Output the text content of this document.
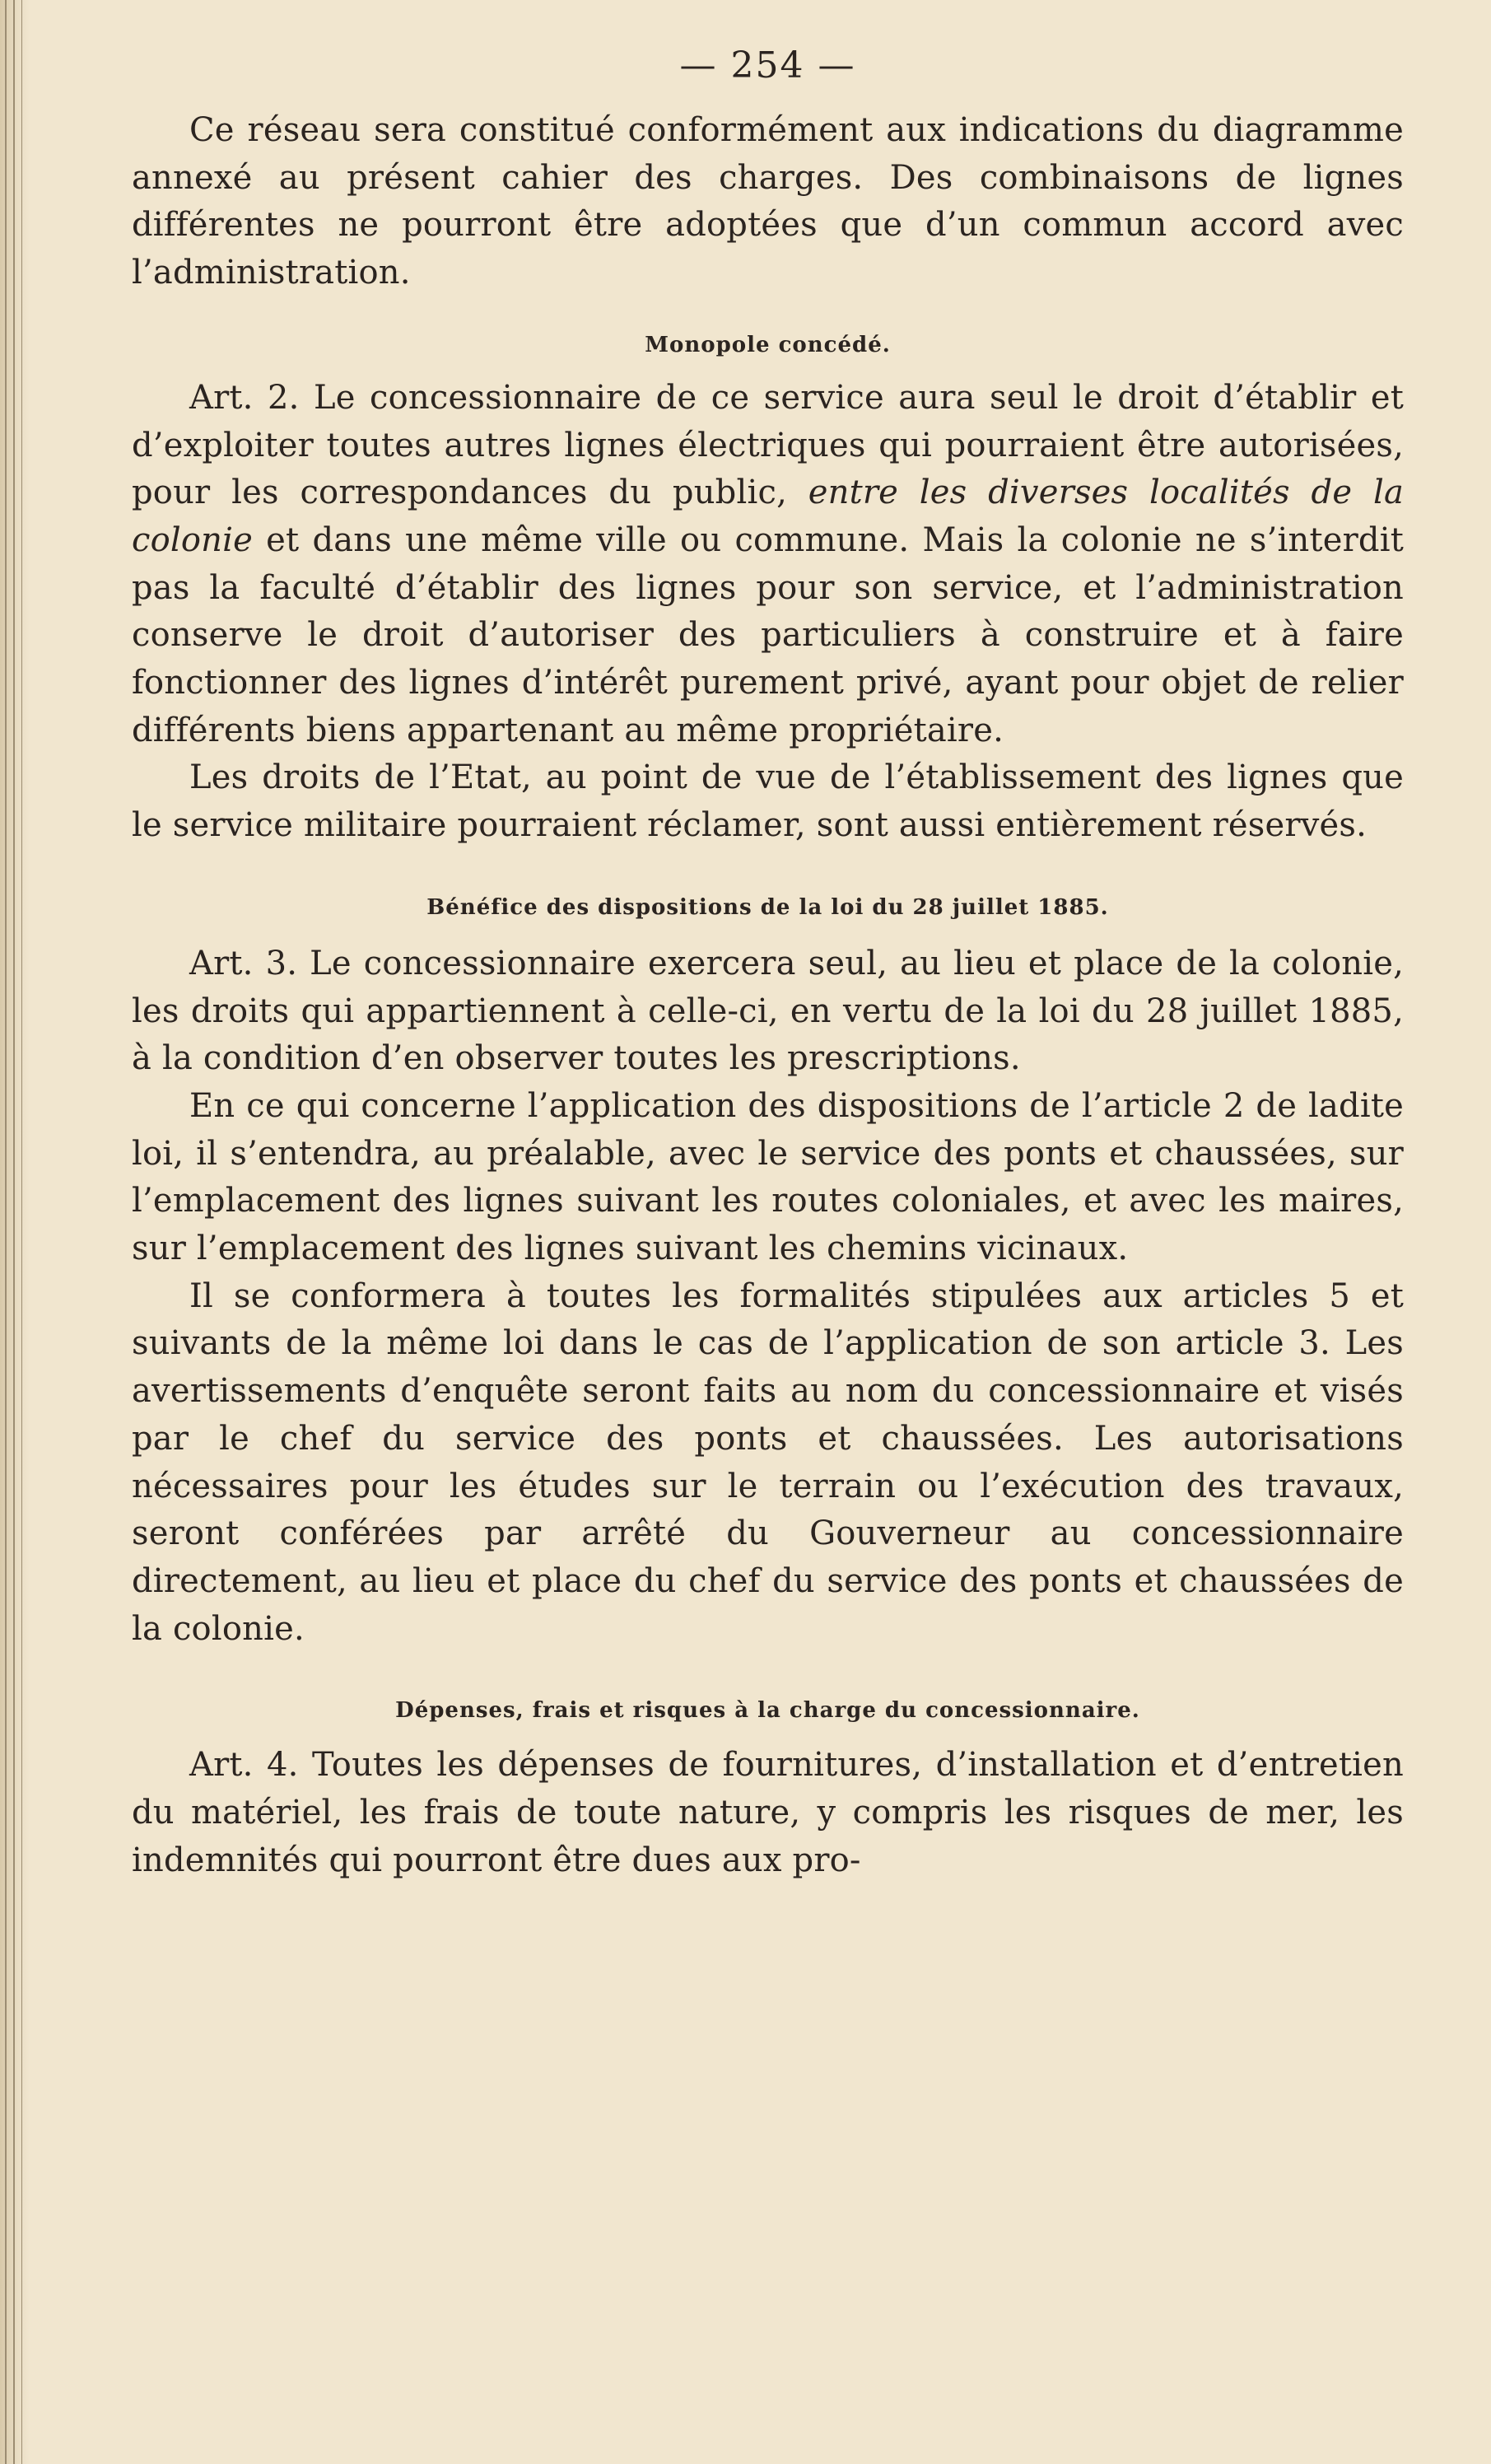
— 254 —

Ce réseau sera constitué conformément aux indications du diagramme annexé au présent cahier des charges. Des combinaisons de lignes différentes ne pourront être adoptées que d’un commun accord avec l’administration.

Monopole concédé.

Art. 2. Le concessionnaire de ce service aura seul le droit d’établir et d’exploiter toutes autres lignes électriques qui pourraient être autorisées, pour les correspondances du public, entre les diverses localités de la colonie et dans une même ville ou commune. Mais la colonie ne s’interdit pas la faculté d’établir des lignes pour son service, et l’administration conserve le droit d’autoriser des particuliers à construire et à faire fonctionner des lignes d’intérêt purement privé, ayant pour objet de relier différents biens appartenant au même propriétaire.

Les droits de l’Etat, au point de vue de l’établissement des lignes que le service militaire pourraient réclamer, sont aussi entièrement réservés.

Bénéfice des dispositions de la loi du 28 juillet 1885.

Art. 3. Le concessionnaire exercera seul, au lieu et place de la colonie, les droits qui appartiennent à celle-ci, en vertu de la loi du 28 juillet 1885, à la condition d’en observer toutes les prescriptions.

En ce qui concerne l’application des dispositions de l’article 2 de ladite loi, il s’entendra, au préalable, avec le service des ponts et chaussées, sur l’emplacement des lignes suivant les routes coloniales, et avec les maires, sur l’emplacement des lignes suivant les chemins vicinaux.

Il se conformera à toutes les formalités stipulées aux articles 5 et suivants de la même loi dans le cas de l’application de son article 3. Les avertissements d’enquête seront faits au nom du concessionnaire et visés par le chef du service des ponts et chaussées. Les autorisations nécessaires pour les études sur le terrain ou l’exécution des travaux, seront conférées par arrêté du Gouverneur au concessionnaire directement, au lieu et place du chef du service des ponts et chaussées de la colonie.

Dépenses, frais et risques à la charge du concessionnaire.

Art. 4. Toutes les dépenses de fournitures, d’installation et d’entretien du matériel, les frais de toute nature, y compris les risques de mer, les indemnités qui pourront être dues aux pro-
